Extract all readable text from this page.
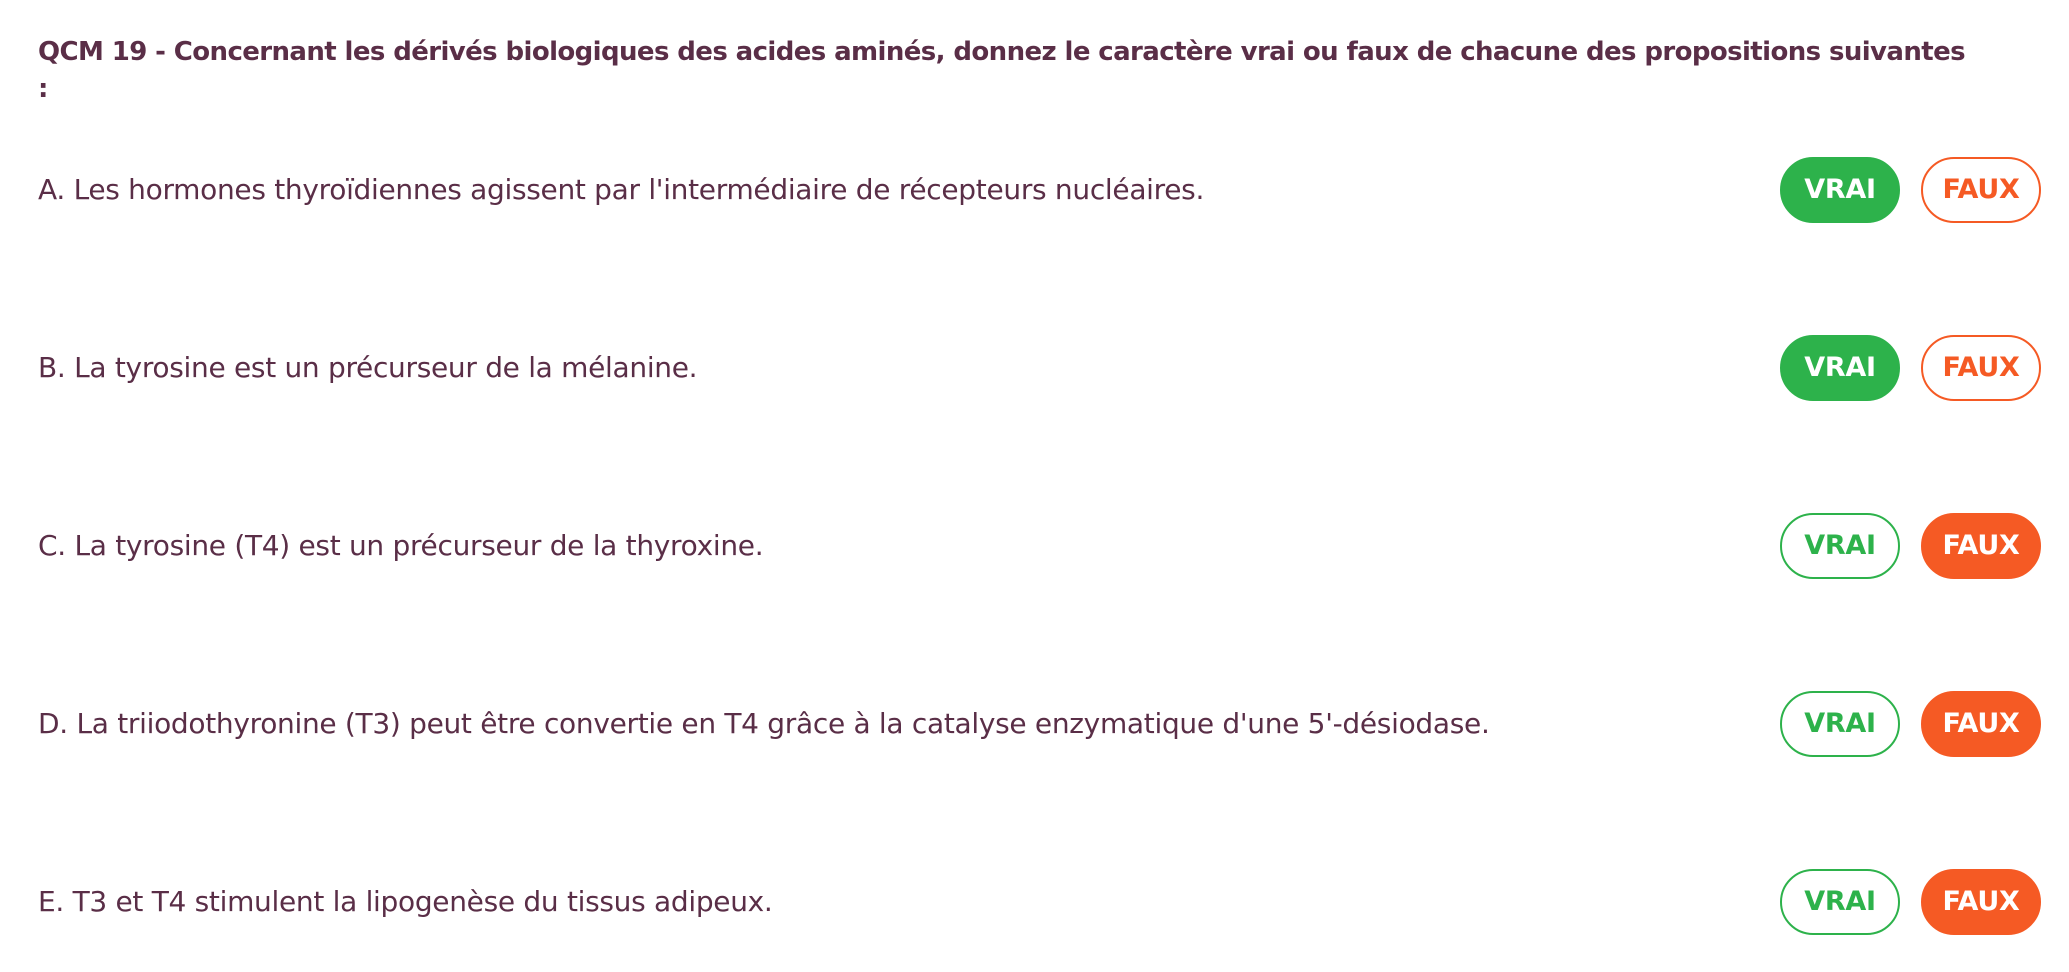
QCM 19 - Concernant les dérivés biologiques des acides aminés, donnez le caractère vrai ou faux de chacune des propositions suivantes
:
A. Les hormones thyroïdiennes agissent par l'intermédiaire de récepteurs nucléaires.	VRAI	FAUX
B. La tyrosine est un précurseur de la mélanine.	VRAI	FAUX
C. La tyrosine (T4) est un précurseur de la thyroxine.	VRAI	FAUX
D. La triiodothyronine (T3) peut être convertie en T4 grâce à la catalyse enzymatique d'une 5'-désiodase.	VRAI	FAUX
E. T3 et T4 stimulent la lipogenèse du tissus adipeux.	VRAI	FAUX
